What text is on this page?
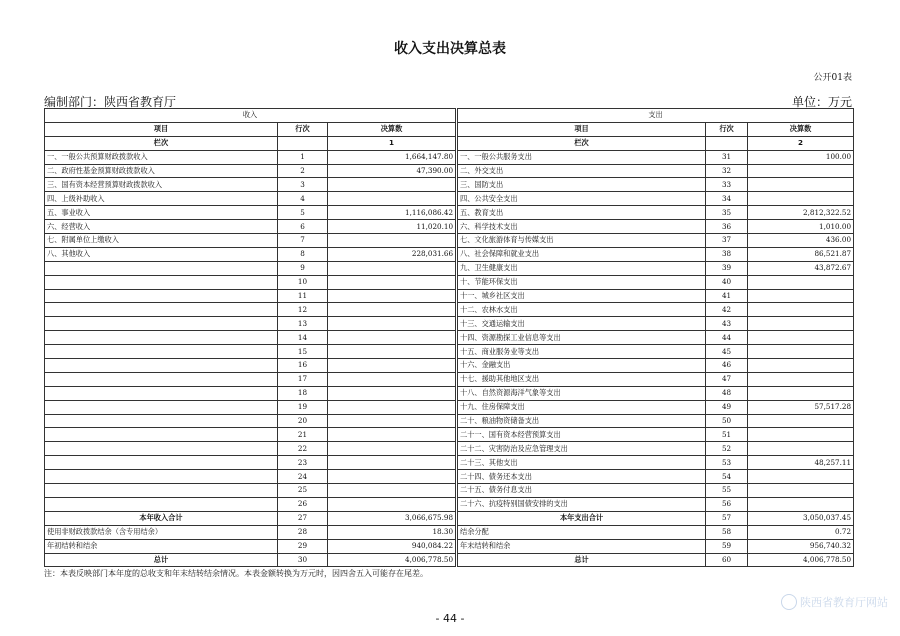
收入支出决算总表
公开01表
编制部门：陕西省教育厅	单位：万元
收入				支出		
项目	行次	决算数		项目	行次	决算数
栏次		1		栏次		2
一、一般公共预算财政拨款收入	1	1,664,147.80		一、一般公共服务支出	31	100.00
二、政府性基金预算财政拨款收入	2	47,390.00		二、外交支出	32	
三、国有资本经营预算财政拨款收入	3			三、国防支出	33	
四、上级补助收入	4			四、公共安全支出	34	
五、事业收入	5	1,116,086.42		五、教育支出	35	2,812,322.52
六、经营收入	6	11,020.10		六、科学技术支出	36	1,010.00
七、附属单位上缴收入	7			七、文化旅游体育与传媒支出	37	436.00
八、其他收入	8	228,031.66		八、社会保障和就业支出	38	86,521.87
	9			九、卫生健康支出	39	43,872.67
	10			十、节能环保支出	40	
	11			十一、城乡社区支出	41	
	12			十二、农林水支出	42	
	13			十三、交通运输支出	43	
	14			十四、资源勘探工业信息等支出	44	
	15			十五、商业服务业等支出	45	
	16			十六、金融支出	46	
	17			十七、援助其他地区支出	47	
	18			十八、自然资源海洋气象等支出	48	
	19			十九、住房保障支出	49	57,517.28
	20			二十、粮油物资储备支出	50	
	21			二十一、国有资本经营预算支出	51	
	22			二十二、灾害防治及应急管理支出	52	
	23			二十三、其他支出	53	48,257.11
	24			二十四、债务还本支出	54	
	25			二十五、债务付息支出	55	
	26			二十六、抗疫特别国债安排的支出	56	
本年收入合计	27	3,066,675.98		本年支出合计	57	3,050,037.45
使用非财政拨款结余（含专用结余）	28	18.30		结余分配	58	0.72
年初结转和结余	29	940,084.22		年末结转和结余	59	956,740.32
总计	30	4,006,778.50		总计	60	4,006,778.50
注：本表反映部门本年度的总收支和年末结转结余情况。本表金额转换为万元时，因四舍五入可能存在尾差。
- 44 -
陕西省教育厅网站
